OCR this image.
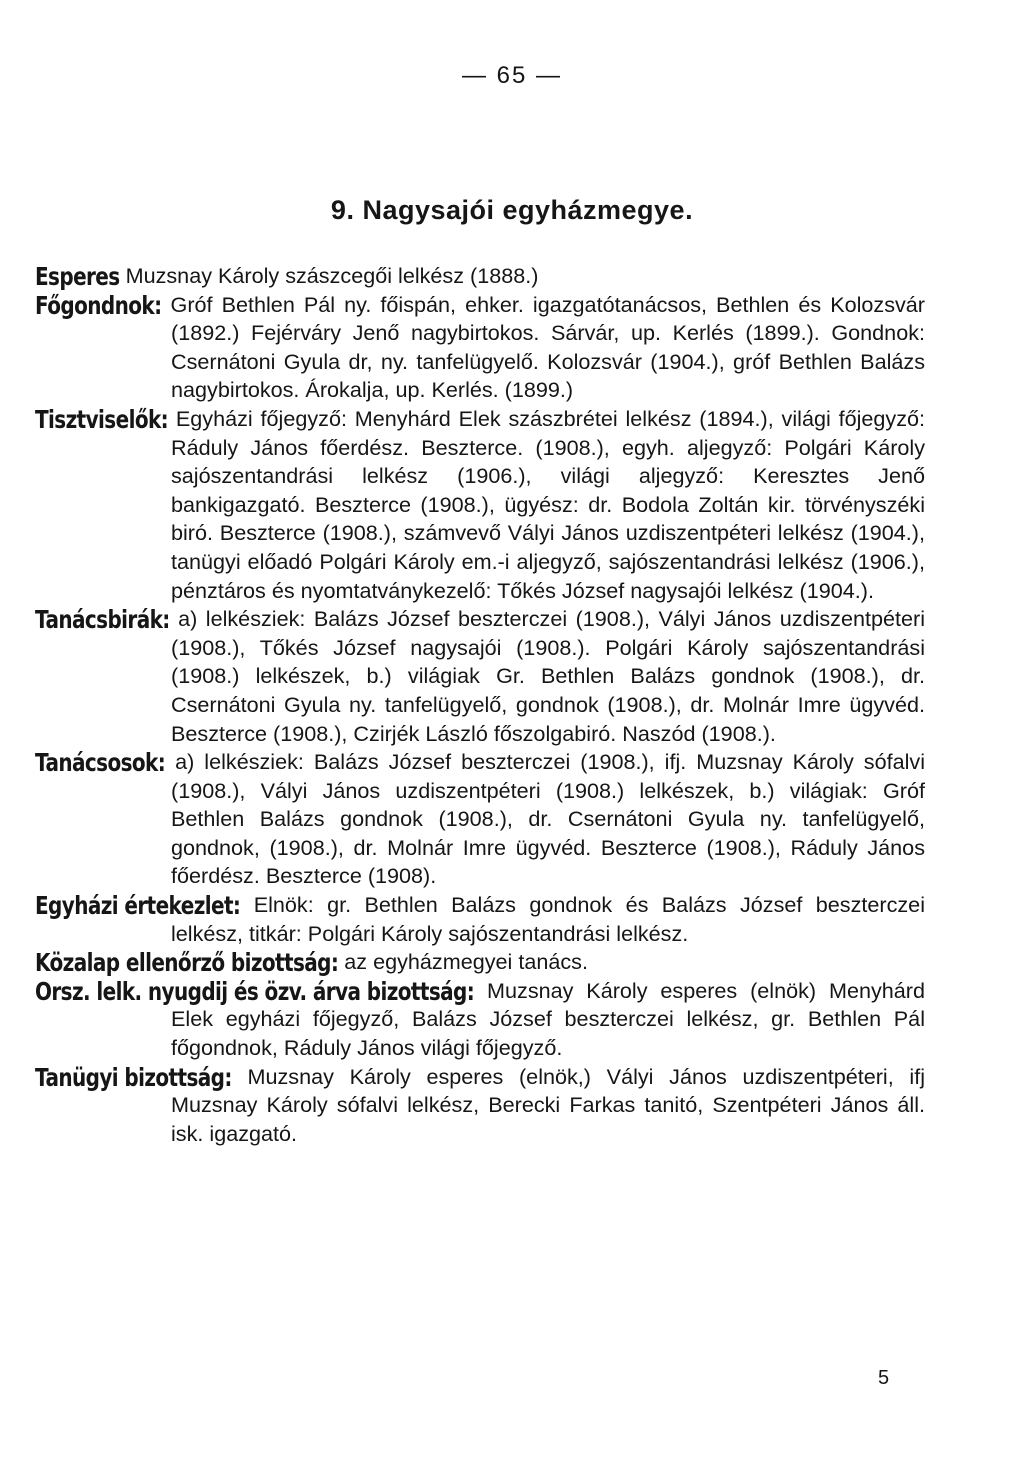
— 65 —
9. Nagysajói egyházmegye.

Esperes Muzsnay Károly szászcegői lelkész (1888.)

Főgondnok: Gróf Bethlen Pál ny. főispán, ehker. igazgatótanácsos, Bethlen és Kolozsvár (1892.) Fejérváry Jenő nagybirtokos. Sárvár, up. Kerlés (1899.). Gondnok: Csernátoni Gyula dr, ny. tanfelügyelő. Kolozsvár (1904.), gróf Bethlen Balázs nagybirtokos. Árokalja, up. Kerlés. (1899.)

Tisztviselők: Egyházi főjegyző: Menyhárd Elek szászbrétei lelkész (1894.), világi főjegyző: Ráduly János főerdész. Beszterce. (1908.), egyh. aljegyző: Polgári Károly sajószentandrási lelkész (1906.), világi aljegyző: Keresztes Jenő bankigazgató. Beszterce (1908.), ügyész: dr. Bodola Zoltán kir. törvényszéki biró. Beszterce (1908.), számvevő Vályi János uzdiszentpéteri lelkész (1904.), tanügyi előadó Polgári Károly em.-i aljegyző, sajószentandrási lelkész (1906.), pénztáros és nyomtatványkezelő: Tőkés József nagysajói lelkész (1904.).

Tanácsbirák: a) lelkésziek: Balázs József beszterczei (1908.), Vályi János uzdiszentpéteri (1908.), Tőkés József nagysajói (1908.). Polgári Károly sajószentandrási (1908.) lelkészek, b.) világiak Gr. Bethlen Balázs gondnok (1908.), dr. Csernátoni Gyula ny. tanfelügyelő, gondnok (1908.), dr. Molnár Imre ügyvéd. Beszterce (1908.), Czirjék László főszolgabiró. Naszód (1908.).

Tanácsosok: a) lelkésziek: Balázs József beszterczei (1908.), ifj. Muzsnay Károly sófalvi (1908.), Vályi János uzdiszentpéteri (1908.) lelkészek, b.) világiak: Gróf Bethlen Balázs gondnok (1908.), dr. Csernátoni Gyula ny. tanfelügyelő, gondnok, (1908.), dr. Molnár Imre ügyvéd. Beszterce (1908.), Ráduly János főerdész. Beszterce (1908).

Egyházi értekezlet: Elnök: gr. Bethlen Balázs gondnok és Balázs József beszterczei lelkész, titkár: Polgári Károly sajószentandrási lelkész.

Közalap ellenőrző bizottság: az egyházmegyei tanács.

Orsz. lelk. nyugdij és özv. árva bizottság: Muzsnay Károly esperes (elnök) Menyhárd Elek egyházi főjegyző, Balázs József beszterczei lelkész, gr. Bethlen Pál főgondnok, Ráduly János világi főjegyző.

Tanügyi bizottság: Muzsnay Károly esperes (elnök,) Vályi János uzdiszentpéteri, ifj Muzsnay Károly sófalvi lelkész, Berecki Farkas tanitó, Szentpéteri János áll. isk. igazgató.

5
